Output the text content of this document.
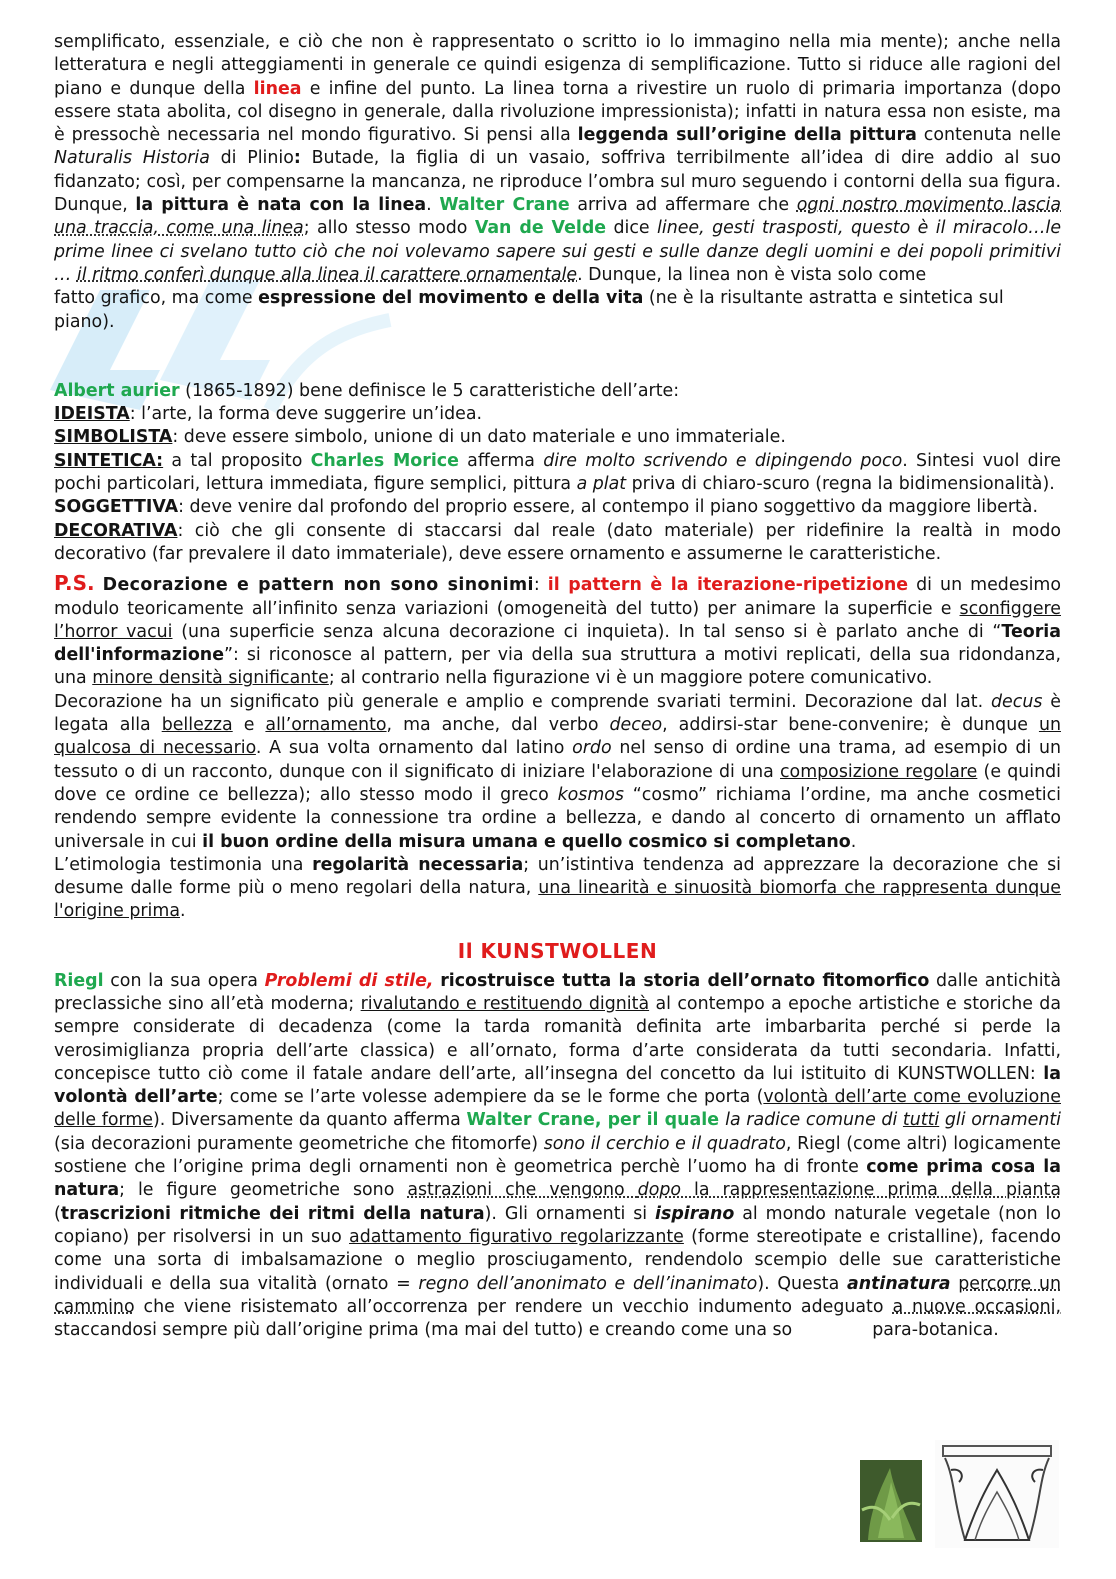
semplificato, essenziale, e ciò che non è rappresentato o scritto io lo immagino nella mia mente); anche nella letteratura e negli atteggiamenti in generale ce quindi esigenza di semplificazione. Tutto si riduce alle ragioni del piano e dunque della linea e infine del punto. La linea torna a rivestire un ruolo di primaria importanza (dopo essere stata abolita, col disegno in generale, dalla rivoluzione impressionista); infatti in natura essa non esiste, ma è pressochè necessaria nel mondo figurativo. Si pensi alla leggenda sull’origine della pittura contenuta nelle Naturalis Historia di Plinio: Butade, la figlia di un vasaio, soffriva terribilmente all’idea di dire addio al suo fidanzato; così, per compensarne la mancanza, ne riproduce l’ombra sul muro seguendo i contorni della sua figura. Dunque, la pittura è nata con la linea. Walter Crane arriva ad affermare che ogni nostro movimento lascia una traccia, come una linea; allo stesso modo Van de Velde dice linee, gesti trasposti, questo è il miracolo…le prime linee ci svelano tutto ciò che noi volevamo sapere sui gesti e sulle danze degli uomini e dei popoli primitivi … il ritmo conferì dunque alla linea il carattere ornamentale. Dunque, la linea non è vista solo come

fatto grafico, ma come espressione del movimento e della vita (ne è la risultante astratta e sintetica sul piano).

Albert aurier (1865-1892) bene definisce le 5 caratteristiche dell’arte:

IDEISTA: l’arte, la forma deve suggerire un’idea.

SIMBOLISTA: deve essere simbolo, unione di un dato materiale e uno immateriale.

SINTETICA: a tal proposito Charles Morice afferma dire molto scrivendo e dipingendo poco. Sintesi vuol dire pochi particolari, lettura immediata, figure semplici, pittura a plat priva di chiaro-scuro (regna la bidimensionalità).

SOGGETTIVA: deve venire dal profondo del proprio essere, al contempo il piano soggettivo da maggiore libertà.

DECORATIVA: ciò che gli consente di staccarsi dal reale (dato materiale) per ridefinire la realtà in modo decorativo (far prevalere il dato immateriale), deve essere ornamento e assumerne le caratteristiche.

P.S. Decorazione e pattern non sono sinonimi: il pattern è la iterazione-ripetizione di un medesimo modulo teoricamente all’infinito senza variazioni (omogeneità del tutto) per animare la superficie e sconfiggere l’horror vacui (una superficie senza alcuna decorazione ci inquieta). In tal senso si è parlato anche di “Teoria dell'informazione”: si riconosce al pattern, per via della sua struttura a motivi replicati, della sua ridondanza, una minore densità significante; al contrario nella figurazione vi è un maggiore potere comunicativo.

Decorazione ha un significato più generale e amplio e comprende svariati termini. Decorazione dal lat. decus è legata alla bellezza e all’ornamento, ma anche, dal verbo deceo, addirsi-star bene-convenire; è dunque un qualcosa di necessario. A sua volta ornamento dal latino ordo nel senso di ordine una trama, ad esempio di un tessuto o di un racconto, dunque con il significato di iniziare l'elaborazione di una composizione regolare (e quindi dove ce ordine ce bellezza); allo stesso modo il greco kosmos “cosmo” richiama l’ordine, ma anche cosmetici rendendo sempre evidente la connessione tra ordine a bellezza, e dando al concerto di ornamento un afflato universale in cui il buon ordine della misura umana e quello cosmico si completano.

L’etimologia testimonia una regolarità necessaria; un’istintiva tendenza ad apprezzare la decorazione che si desume dalle forme più o meno regolari della natura, una linearità e sinuosità biomorfa che rappresenta dunque l'origine prima.

Il KUNSTWOLLEN

Riegl con la sua opera Problemi di stile, ricostruisce tutta la storia dell’ornato fitomorfico dalle antichità preclassiche sino all’età moderna; rivalutando e restituendo dignità al contempo a epoche artistiche e storiche da sempre considerate di decadenza (come la tarda romanità definita arte imbarbarita perché si perde la verosimiglianza propria dell’arte classica) e all’ornato, forma d’arte considerata da tutti secondaria. Infatti, concepisce tutto ciò come il fatale andare dell’arte, all’insegna del concetto da lui istituito di KUNSTWOLLEN: la volontà dell’arte; come se l’arte volesse adempiere da se le forme che porta (volontà dell’arte come evoluzione delle forme). Diversamente da quanto afferma Walter Crane, per il quale la radice comune di tutti gli ornamenti (sia decorazioni puramente geometriche che fitomorfe) sono il cerchio e il quadrato, Riegl (come altri) logicamente sostiene che l’origine prima degli ornamenti non è geometrica perchè l’uomo ha di fronte come prima cosa la natura; le figure geometriche sono astrazioni che vengono dopo la rappresentazione prima della pianta (trascrizioni ritmiche dei ritmi della natura). Gli ornamenti si ispirano al mondo naturale vegetale (non lo copiano) per risolversi in un suo adattamento figurativo regolarizzante (forme stereotipate e cristalline), facendo come una sorta di imbalsamazione o meglio prosciugamento, rendendolo scempio delle sue caratteristiche individuali e della sua vitalità (ornato = regno dell’anonimato e dell’inanimato). Questa antinatura percorre un cammino che viene risistemato all’occorrenza per rendere un vecchio indumento adeguato a nuove occasioni, staccandosi sempre più dall’origine prima (ma mai del tutto) e creando come una so	para-botanica.
